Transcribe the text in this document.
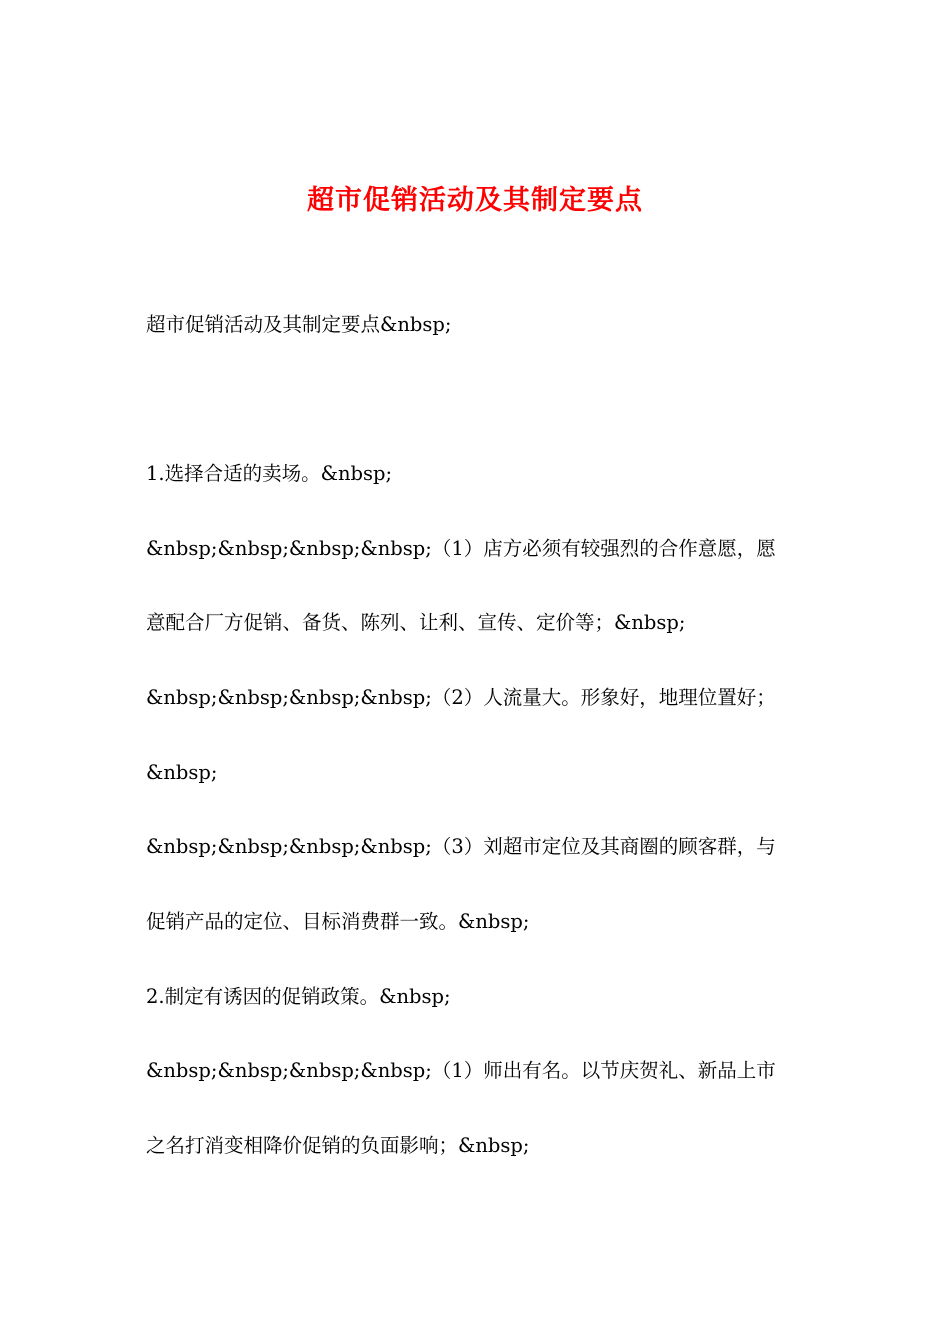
超市促销活动及其制定要点
超市促销活动及其制定要点&nbsp;
1.选择合适的卖场。&nbsp;
&nbsp;&nbsp;&nbsp;&nbsp;（1）店方必须有较强烈的合作意愿，愿
意配合厂方促销、备货、陈列、让利、宣传、定价等；&nbsp;
&nbsp;&nbsp;&nbsp;&nbsp;（2）人流量大。形象好，地理位置好；
&nbsp;
&nbsp;&nbsp;&nbsp;&nbsp;（3）刘超市定位及其商圈的顾客群，与
促销产品的定位、目标消费群一致。&nbsp;
2.制定有诱因的促销政策。&nbsp;
&nbsp;&nbsp;&nbsp;&nbsp;（1）师出有名。以节庆贺礼、新品上市
之名打消变相降价促销的负面影响；&nbsp;
